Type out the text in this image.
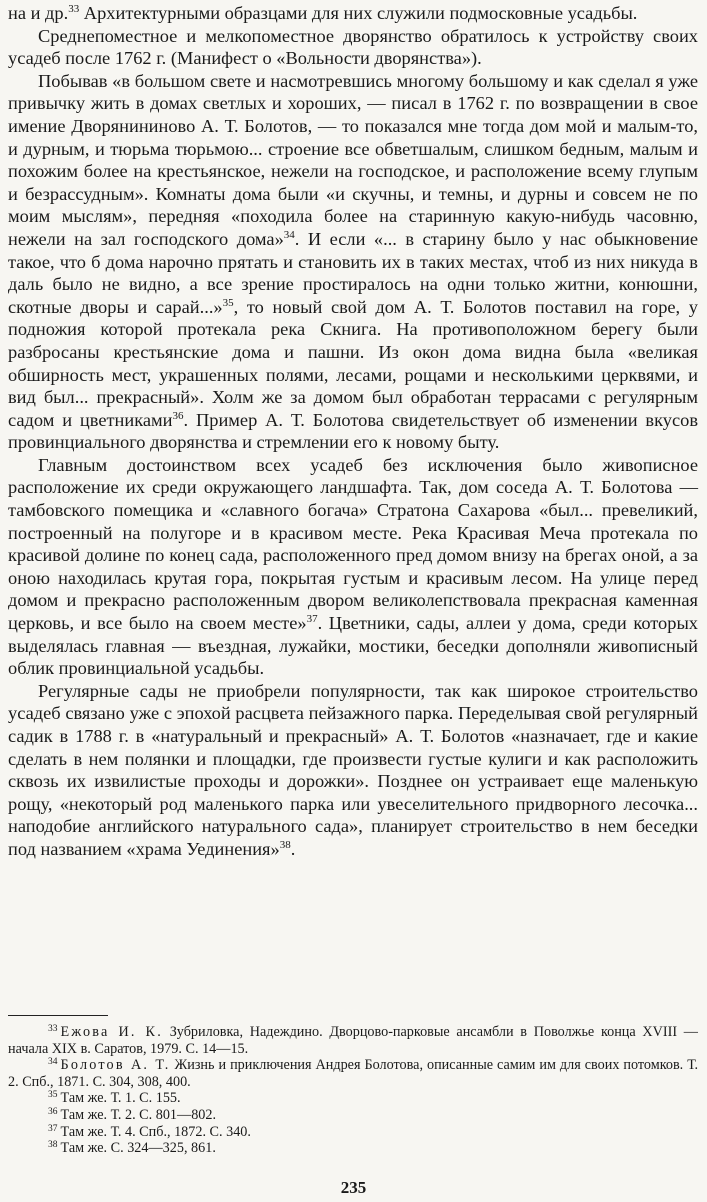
на и др.$^{33}$ Архитектурными образцами для них служили подмосковные усадьбы.

Среднепоместное и мелкопоместное дворянство обратилось к устройству своих усадеб после 1762 г. (Манифест о «Вольности дворянства»).

Побывав «в большом свете и насмотревшись многому большому и как сделал я уже привычку жить в домах светлых и хороших, — писал в 1762 г. по возвращении в свое имение Дворянининово А. Т. Болотов, — то показался мне тогда дом мой и малым-то, и дурным, и тюрьма тюрьмою... строение все обветшалым, слишком бедным, малым и похожим более на крестьянское, нежели на господское, и расположение всему глупым и безрассудным». Комнаты дома были «и скучны, и темны, и дурны и совсем не по моим мыслям», передняя «походила более на старинную какую-нибудь часовню, нежели на зал господского дома»$^{34}$. И если «... в старину было у нас обыкновение такое, что б дома нарочно прятать и становить их в таких местах, чтоб из них никуда в даль было не видно, а все зрение простиралось на одни только житни, конюшни, скотные дворы и сарай...»$^{35}$, то новый свой дом А. Т. Болотов поставил на горе, у подножия которой протекала река Скнига. На противоположном берегу были разбросаны крестьянские дома и пашни. Из окон дома видна была «великая обширность мест, украшенных полями, лесами, рощами и несколькими церквями, и вид был... прекрасный». Холм же за домом был обработан террасами с регулярным садом и цветниками$^{36}$. Пример А. Т. Болотова свидетельствует об изменении вкусов провинциального дворянства и стремлении его к новому быту.

Главным достоинством всех усадеб без исключения было живописное расположение их среди окружающего ландшафта. Так, дом соседа А. Т. Болотова — тамбовского помещика и «славного богача» Стратона Сахарова «был... превеликий, построенный на полугоре и в красивом месте. Река Красивая Меча протекала по красивой долине по конец сада, расположенного пред домом внизу на брегах оной, а за оною находилась крутая гора, покрытая густым и красивым лесом. На улице перед домом и прекрасно расположенным двором великолепствовала прекрасная каменная церковь, и все было на своем месте»$^{37}$. Цветники, сады, аллеи у дома, среди которых выделялась главная — въездная, лужайки, мостики, беседки дополняли живописный облик провинциальной усадьбы.

Регулярные сады не приобрели популярности, так как широкое строительство усадеб связано уже с эпохой расцвета пейзажного парка. Переделывая свой регулярный садик в 1788 г. в «натуральный и прекрасный» А. Т. Болотов «назначает, где и какие сделать в нем полянки и площадки, где произвести густые кулиги и как расположить сквозь их извилистые проходы и дорожки». Позднее он устраивает еще маленькую рощу, «некоторый род маленького парка или увеселительного придворного лесочка... наподобие английского натурального сада», планирует строительство в нем беседки под названием «храма Уединения»$^{38}$.

$^{33}$ Ежова И. К. Зубриловка, Надеждино. Дворцово-парковые ансамбли в Поволжье конца XVIII — начала XIX в. Саратов, 1979. С. 14—15.

$^{34}$ Болотов А. Т. Жизнь и приключения Андрея Болотова, описанные самим им для своих потомков. Т. 2. Спб., 1871. С. 304, 308, 400.

$^{35}$ Там же. Т. 1. С. 155.

$^{36}$ Там же. Т. 2. С. 801—802.

$^{37}$ Там же. Т. 4. Спб., 1872. С. 340.

$^{38}$ Там же. С. 324—325, 861.

235
